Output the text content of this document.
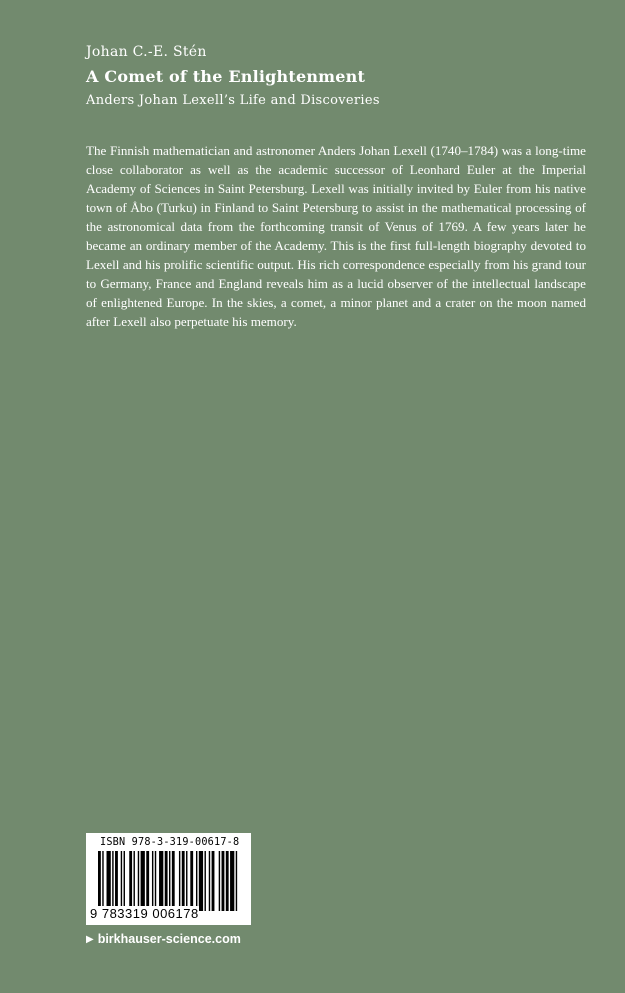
Johan C.-E. Stén
A Comet of the Enlightenment
Anders Johan Lexell’s Life and Discoveries
The Finnish mathematician and astronomer Anders Johan Lexell (1740–1784) was a long-time close collaborator as well as the academic successor of Leonhard Euler at the Imperial Academy of Sciences in Saint Petersburg. Lexell was initially invited by Euler from his native town of Åbo (Turku) in Finland to Saint Petersburg to assist in the mathematical processing of the astronomical data from the forthcoming transit of Venus of 1769. A few years later he became an ordinary member of the Academy. This is the first full-length biography devoted to Lexell and his prolific scientific output. His rich correspondence especially from his grand tour to Germany, France and England reveals him as a lucid observer of the intellectual landscape of enlightened Europe. In the skies, a comet, a minor planet and a crater on the moon named after Lexell also perpetuate his memory.
ISBN 978-3-319-00617-8
9 783319 006178
▶ birkhauser-science.com
